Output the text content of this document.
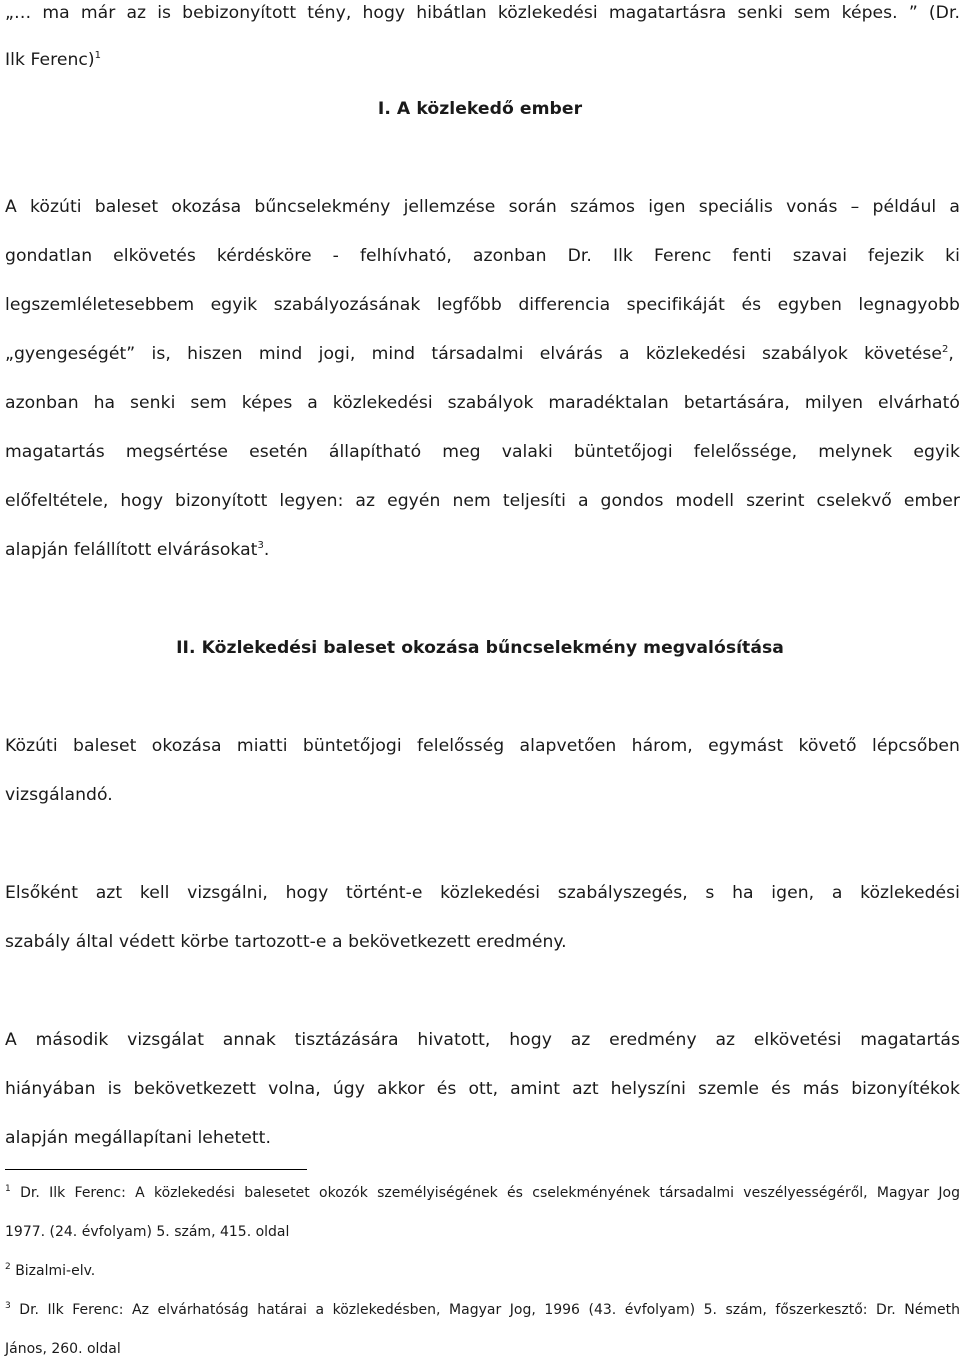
„… ma már az is bebizonyított tény, hogy hibátlan közlekedési magatartásra senki sem képes. ” (Dr.
Ilk Ferenc)$^1$
I. A közlekedő ember
A közúti baleset okozása bűncselekmény jellemzése során számos igen speciális vonás – például a
gondatlan elkövetés kérdésköre - felhívható, azonban Dr. Ilk Ferenc fenti szavai fejezik ki
legszemléletesebbem egyik szabályozásának legfőbb differencia specifikáját és egyben legnagyobb
„gyengeségét” is, hiszen mind jogi, mind társadalmi elvárás a közlekedési szabályok követése$^2$,
azonban ha senki sem képes a közlekedési szabályok maradéktalan betartására, milyen elvárható
magatartás megsértése esetén állapítható meg valaki büntetőjogi felelőssége, melynek egyik
előfeltétele, hogy bizonyított legyen: az egyén nem teljesíti a gondos modell szerint cselekvő ember
alapján felállított elvárásokat$^3$.
II. Közlekedési baleset okozása bűncselekmény megvalósítása
Közúti baleset okozása miatti büntetőjogi felelősség alapvetően három, egymást követő lépcsőben
vizsgálandó.
Elsőként azt kell vizsgálni, hogy történt-e közlekedési szabályszegés, s ha igen, a közlekedési
szabály által védett körbe tartozott-e a bekövetkezett eredmény.
A második vizsgálat annak tisztázására hivatott, hogy az eredmény az elkövetési magatartás
hiányában is bekövetkezett volna, úgy akkor és ott, amint azt helyszíni szemle és más bizonyítékok
alapján megállapítani lehetett.
$^1$ Dr. Ilk Ferenc: A közlekedési balesetet okozók személyiségének és cselekményének társadalmi veszélyességéről, Magyar Jog
1977. (24. évfolyam) 5. szám, 415. oldal
$^2$ Bizalmi-elv.
$^3$ Dr. Ilk Ferenc: Az elvárhatóság határai a közlekedésben, Magyar Jog, 1996 (43. évfolyam) 5. szám, főszerkesztő: Dr. Németh
János, 260. oldal
